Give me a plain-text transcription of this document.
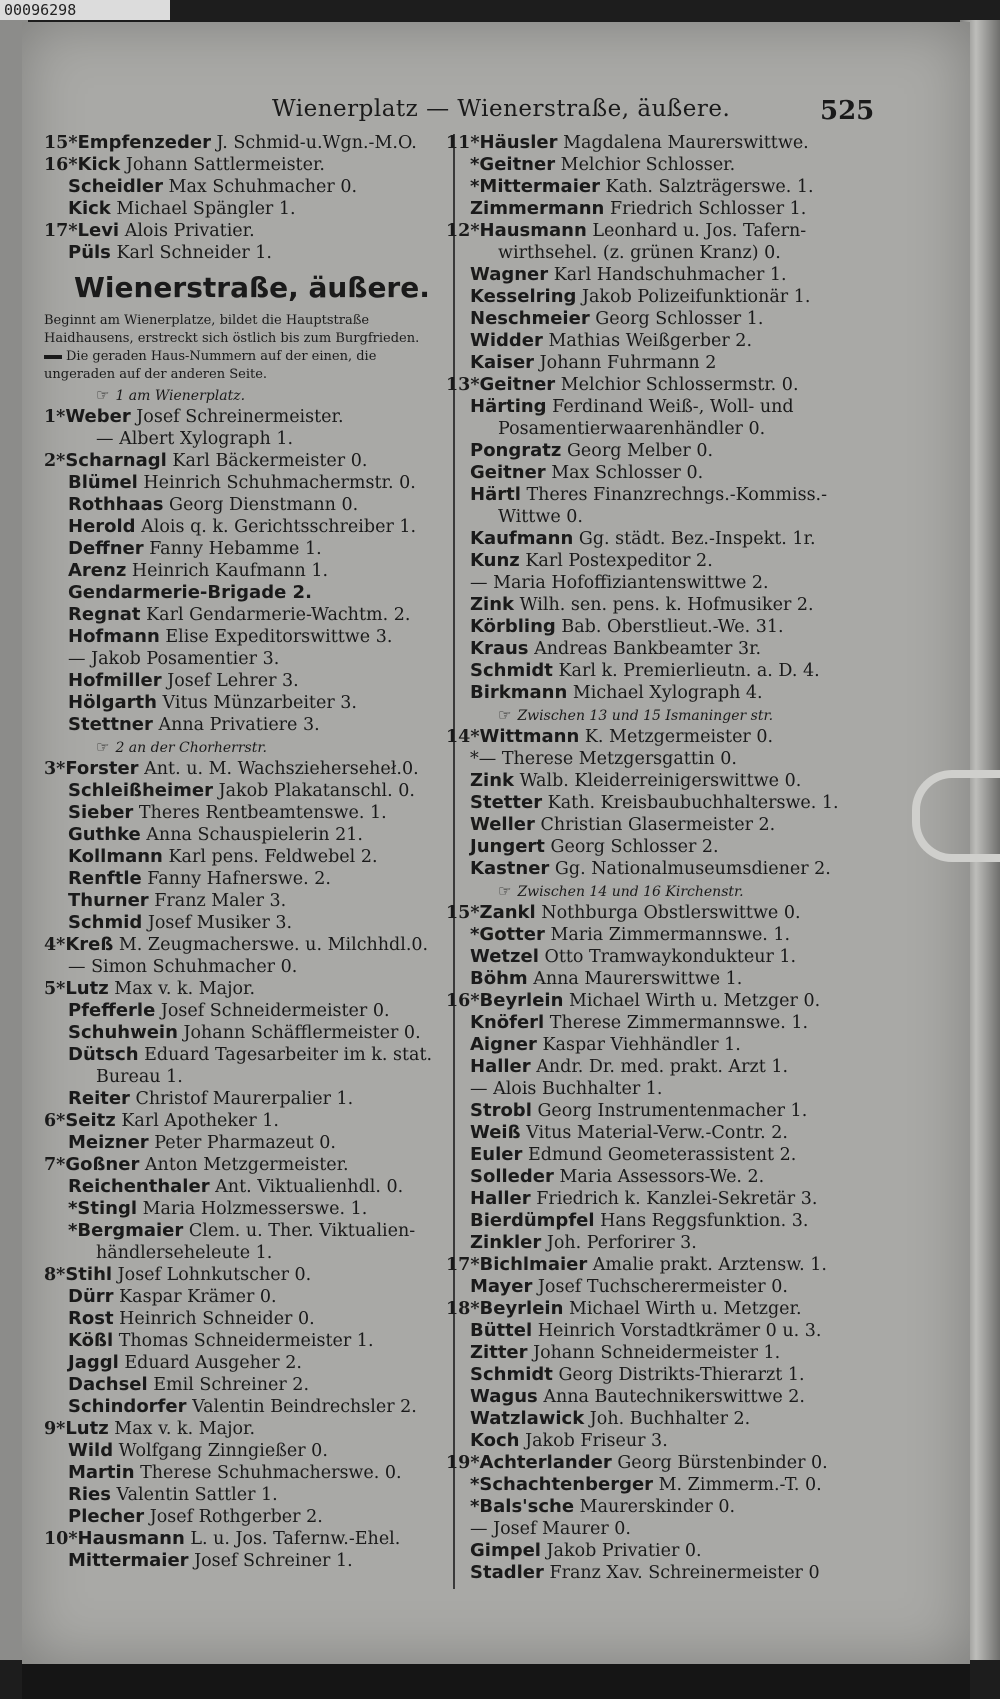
00096298
Wienerplatz — Wienerstraße, äußere.	525
15*Empfenzeder J. Schmid-u.Wgn.-M.O.
16*Kick Johann Sattlermeister.
Scheidler Max Schuhmacher 0.
Kick Michael Spängler 1.
17*Levi Alois Privatier.
Püls Karl Schneider 1.
Wienerstraße, äußere.
Beginnt am Wienerplatze, bildet die Hauptstraße
Haidhausens, erstreckt sich östlich bis zum Burgfrieden.
Die geraden Haus-Nummern auf der einen, die
ungeraden auf der anderen Seite.
☞ 1 am Wienerplatz.
1*Weber Josef Schreinermeister.
— Albert Xylograph 1.
2*Scharnagl Karl Bäckermeister 0.
Blümel Heinrich Schuhmachermstr. 0.
Rothhaas Georg Dienstmann 0.
Herold Alois q. k. Gerichtsschreiber 1.
Deffner Fanny Hebamme 1.
Arenz Heinrich Kaufmann 1.
Gendarmerie-Brigade 2.
Regnat Karl Gendarmerie-Wachtm. 2.
Hofmann Elise Expeditorswittwe 3.
— Jakob Posamentier 3.
Hofmiller Josef Lehrer 3.
Hölgarth Vitus Münzarbeiter 3.
Stettner Anna Privatiere 3.
☞ 2 an der Chorherrstr.
3*Forster Ant. u. M. Wachszieherseheł.0.
Schleißheimer Jakob Plakatanschl. 0.
Sieber Theres Rentbeamtenswe. 1.
Guthke Anna Schauspielerin 21.
Kollmann Karl pens. Feldwebel 2.
Renftle Fanny Hafnerswe. 2.
Thurner Franz Maler 3.
Schmid Josef Musiker 3.
4*Kreß M. Zeugmacherswe. u. Milchhdl.0.
— Simon Schuhmacher 0.
5*Lutz Max v. k. Major.
Pfefferle Josef Schneidermeister 0.
Schuhwein Johann Schäfflermeister 0.
Dütsch Eduard Tagesarbeiter im k. stat.
Bureau 1.
Reiter Christof Maurerpalier 1.
6*Seitz Karl Apotheker 1.
Meizner Peter Pharmazeut 0.
7*Goßner Anton Metzgermeister.
Reichenthaler Ant. Viktualienhdl. 0.
*Stingl Maria Holzmesserswe. 1.
*Bergmaier Clem. u. Ther. Viktualien-
händlerseheleute 1.
8*Stihl Josef Lohnkutscher 0.
Dürr Kaspar Krämer 0.
Rost Heinrich Schneider 0.
Kößl Thomas Schneidermeister 1.
Jaggl Eduard Ausgeher 2.
Dachsel Emil Schreiner 2.
Schindorfer Valentin Beindrechsler 2.
9*Lutz Max v. k. Major.
Wild Wolfgang Zinngießer 0.
Martin Therese Schuhmacherswe. 0.
Ries Valentin Sattler 1.
Plecher Josef Rothgerber 2.
10*Hausmann L. u. Jos. Tafernw.-Ehel.
Mittermaier Josef Schreiner 1.
11*Häusler Magdalena Maurerswittwe.
*Geitner Melchior Schlosser.
*Mittermaier Kath. Salzträgerswe. 1.
Zimmermann Friedrich Schlosser 1.
12*Hausmann Leonhard u. Jos. Tafern-
wirthsehel. (z. grünen Kranz) 0.
Wagner Karl Handschuhmacher 1.
Kesselring Jakob Polizeifunktionär 1.
Neschmeier Georg Schlosser 1.
Widder Mathias Weißgerber 2.
Kaiser Johann Fuhrmann 2
13*Geitner Melchior Schlossermstr. 0.
Härting Ferdinand Weiß-, Woll- und
Posamentierwaarenhändler 0.
Pongratz Georg Melber 0.
Geitner Max Schlosser 0.
Härtl Theres Finanzrechngs.-Kommiss.-
Wittwe 0.
Kaufmann Gg. städt. Bez.-Inspekt. 1r.
Kunz Karl Postexpeditor 2.
— Maria Hofoffiziantenswittwe 2.
Zink Wilh. sen. pens. k. Hofmusiker 2.
Körbling Bab. Oberstlieut.-We. 31.
Kraus Andreas Bankbeamter 3r.
Schmidt Karl k. Premierlieutn. a. D. 4.
Birkmann Michael Xylograph 4.
☞ Zwischen 13 und 15 Ismaninger str.
14*Wittmann K. Metzgermeister 0.
*— Therese Metzgersgattin 0.
Zink Walb. Kleiderreinigerswittwe 0.
Stetter Kath. Kreisbaubuchhalterswe. 1.
Weller Christian Glasermeister 2.
Jungert Georg Schlosser 2.
Kastner Gg. Nationalmuseumsdiener 2.
☞ Zwischen 14 und 16 Kirchenstr.
15*Zankl Nothburga Obstlerswittwe 0.
*Gotter Maria Zimmermannswe. 1.
Wetzel Otto Tramwaykondukteur 1.
Böhm Anna Maurerswittwe 1.
16*Beyrlein Michael Wirth u. Metzger 0.
Knöferl Therese Zimmermannswe. 1.
Aigner Kaspar Viehhändler 1.
Haller Andr. Dr. med. prakt. Arzt 1.
— Alois Buchhalter 1.
Strobl Georg Instrumentenmacher 1.
Weiß Vitus Material-Verw.-Contr. 2.
Euler Edmund Geometerassistent 2.
Solleder Maria Assessors-We. 2.
Haller Friedrich k. Kanzlei-Sekretär 3.
Bierdümpfel Hans Reggsfunktion. 3.
Zinkler Joh. Perforirer 3.
17*Bichlmaier Amalie prakt. Arztensw. 1.
Mayer Josef Tuchscherermeister 0.
18*Beyrlein Michael Wirth u. Metzger.
Büttel Heinrich Vorstadtkrämer 0 u. 3.
Zitter Johann Schneidermeister 1.
Schmidt Georg Distrikts-Thierarzt 1.
Wagus Anna Bautechnikerswittwe 2.
Watzlawick Joh. Buchhalter 2.
Koch Jakob Friseur 3.
19*Achterlander Georg Bürstenbinder 0.
*Schachtenberger M. Zimmerm.-T. 0.
*Bals'sche Maurerskinder 0.
— Josef Maurer 0.
Gimpel Jakob Privatier 0.
Stadler Franz Xav. Schreinermeister 0
